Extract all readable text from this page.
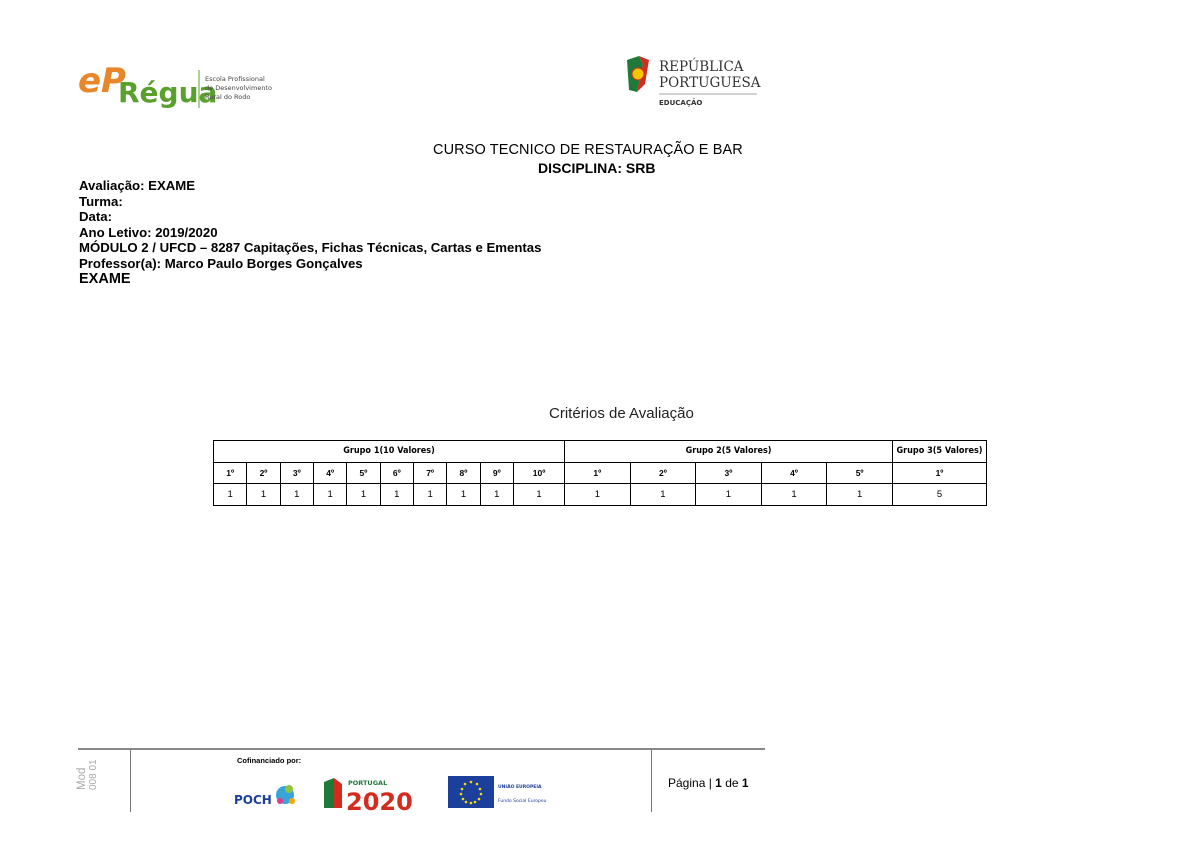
eP
Régua
Escola Profissional
de Desenvolvimento
Rural do Rodo
REPÚBLICA
PORTUGUESA
EDUCAÇÃO
CURSO TECNICO DE RESTAURAÇÃO E BAR
DISCIPLINA: SRB
Avaliação: EXAME
Turma:
Data:
Ano Letivo: 2019/2020
MÓDULO 2 / UFCD – 8287 Capitações, Fichas Técnicas, Cartas e Ementas
Professor(a): Marco Paulo Borges Gonçalves
EXAME
Critérios de Avaliação
Grupo 1(10 Valores)										Grupo 2(5 Valores)					Grupo 3(5 Valores)
1º	2º	3º	4º	5º	6º	7º	8º	9º	10º	1º	2º	3º	4º	5º	1º
1	1	1	1	1	1	1	1	1	1	1	1	1	1	1	5
Mod 008 01	Cofinanciado por:
POCH
PORTUGAL
2020
UNIÃO EUROPEIA
Fundo Social Europeu
Página | 1 de 1
